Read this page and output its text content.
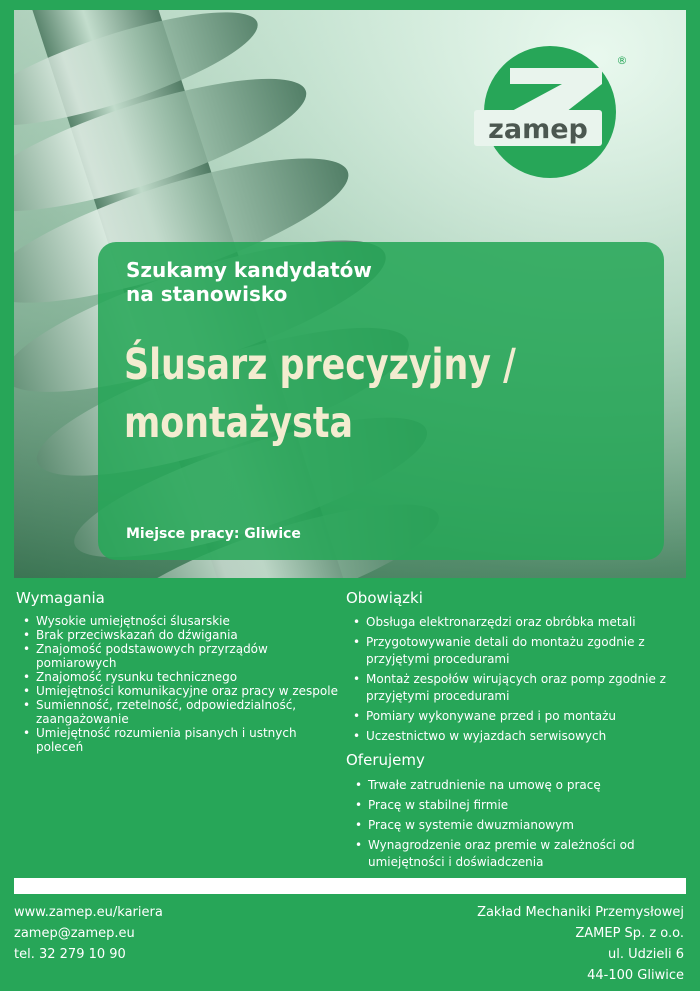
zamep
®
Szukamy kandydatów
na stanowisko
Ślusarz precyzyjny /
montażysta
Miejsce pracy: Gliwice
Wymagania
• Wysokie umiejętności ślusarskie
• Brak przeciwskazań do dźwigania
• Znajomość podstawowych przyrządów pomiarowych
• Znajomość rysunku technicznego
• Umiejętności komunikacyjne oraz pracy w zespole
• Sumienność, rzetelność, odpowiedzialność, zaangażowanie
• Umiejętność rozumienia pisanych i ustnych poleceń
Obowiązki
• Obsługa elektronarzędzi oraz obróbka metali
• Przygotowywanie detali do montażu zgodnie z przyjętymi procedurami
• Montaż zespołów wirujących oraz pomp zgodnie z przyjętymi procedurami
• Pomiary wykonywane przed i po montażu
• Uczestnictwo w wyjazdach serwisowych
Oferujemy
• Trwałe zatrudnienie na umowę o pracę
• Pracę w stabilnej firmie
• Pracę w systemie dwuzmianowym
• Wynagrodzenie oraz premie w zależności od umiejętności i doświadczenia
www.zamep.eu/kariera
zamep@zamep.eu
tel. 32 279 10 90
Zakład Mechaniki Przemysłowej
ZAMEP Sp. z o.o.
ul. Udzieli 6
44-100 Gliwice
